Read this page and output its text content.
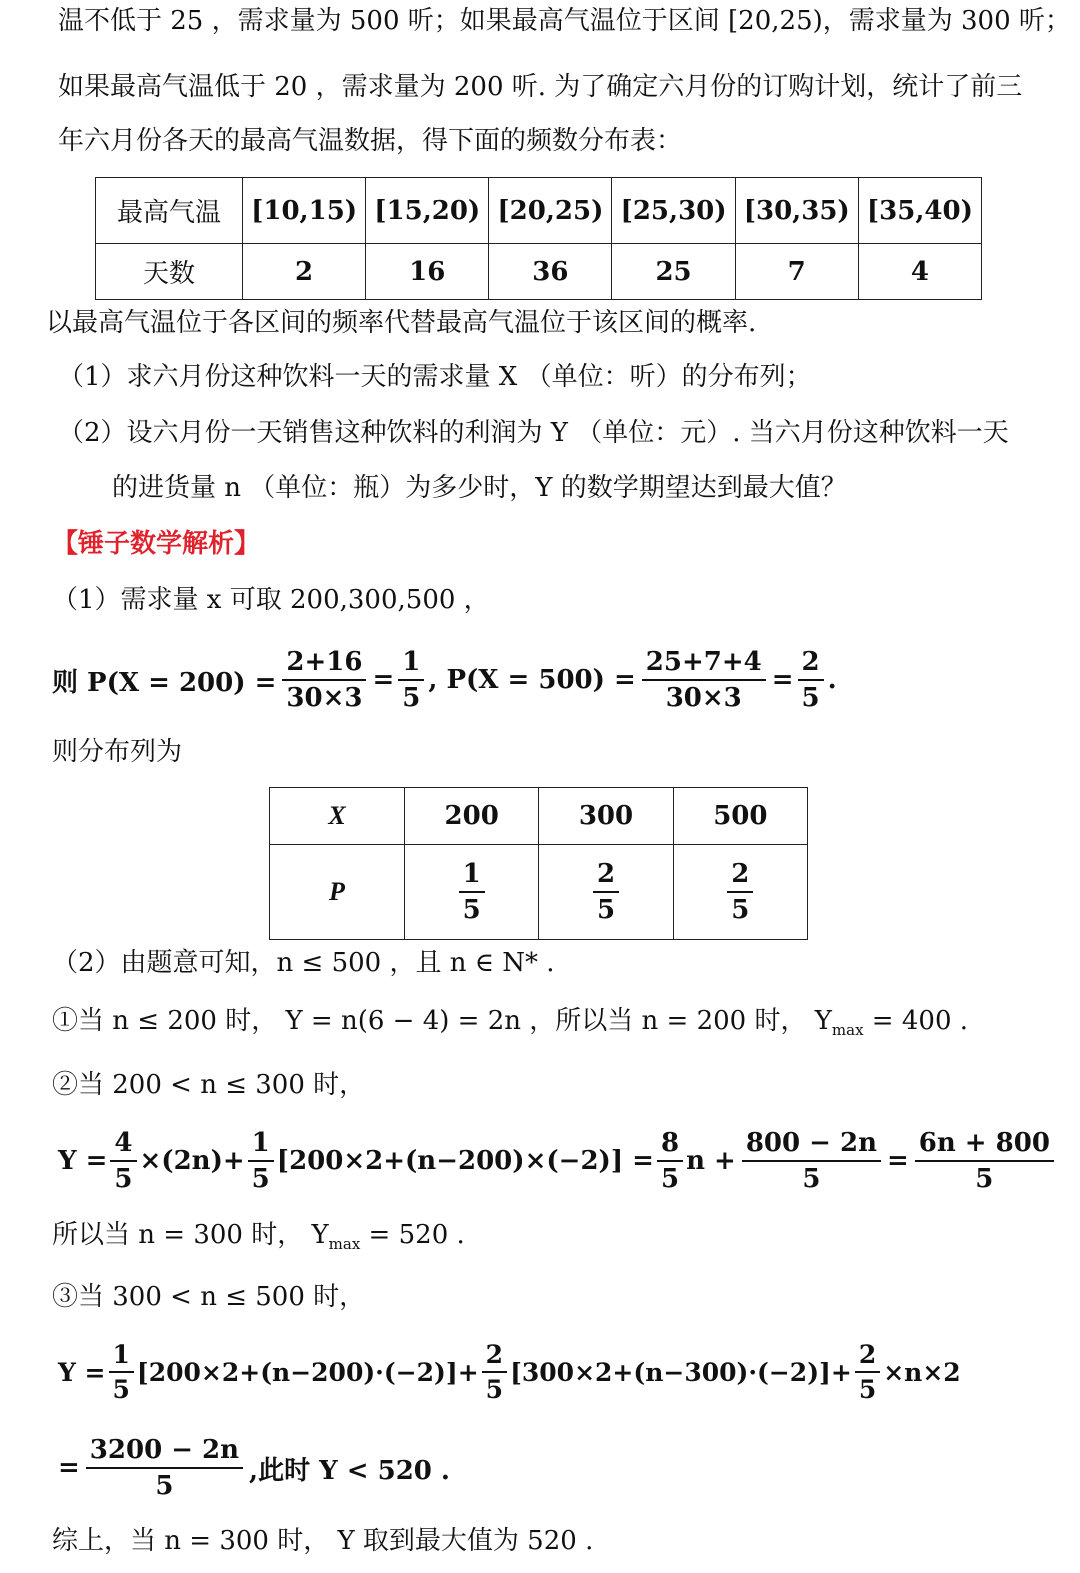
温不低于 25 ，需求量为 500 听；如果最高气温位于区间 [20,25)，需求量为 300 听；
如果最高气温低于 20 ，需求量为 200 听. 为了确定六月份的订购计划，统计了前三
年六月份各天的最高气温数据，得下面的频数分布表：
最高气温	[10,15)	[15,20)	[20,25)	[25,30)	[30,35)	[35,40)
天数	2	16	36	25	7	4
以最高气温位于各区间的频率代替最高气温位于该区间的概率.
（1）求六月份这种饮料一天的需求量 X （单位：听）的分布列；
（2）设六月份一天销售这种饮料的利润为 Y （单位：元）. 当六月份这种饮料一天
的进货量 n （单位：瓶）为多少时，Y 的数学期望达到最大值？
【锤子数学解析】
（1）需求量 x 可取 200,300,500 ，
则 $P(X = 200) = \frac{2+16}{30\times 3} = \frac{1}{5}$ , $P(X = 500) = \frac{25+7+4}{30\times 3} = \frac{2}{5}$ .
则分布列为
X	200	300	500
P	$\frac{1}{5}$	$\frac{2}{5}$	$\frac{2}{5}$
（2）由题意可知，n ≤ 500 ，且 n ∈ N* .
①当 n ≤ 200 时， Y = n(6 − 4) = 2n ，所以当 n = 200 时， $Y_{max} = 400$ .
②当 200 < n ≤ 300 时，
$Y = \frac{4}{5} \times(2n)+ \frac{1}{5} [200\times 2+(n-200)\times(-2)] = \frac{8}{5}$ $n + \frac{800 - 2n}{5} = \frac{6n + 800}{5}$
所以当 n = 300 时， $Y_{max} = 520$ .
③当 300 < n ≤ 500 时，
$Y = \frac{1}{5} [200\times 2+(n-200)\cdot(-2)]+ \frac{2}{5} [300\times 2+(n-300)\cdot(-2)]+ \frac{2}{5} \times n\times 2$
= $\frac{3200 - 2n}{5}$ ,此时 Y < 520 .
综上，当 n = 300 时， Y 取到最大值为 520 .
